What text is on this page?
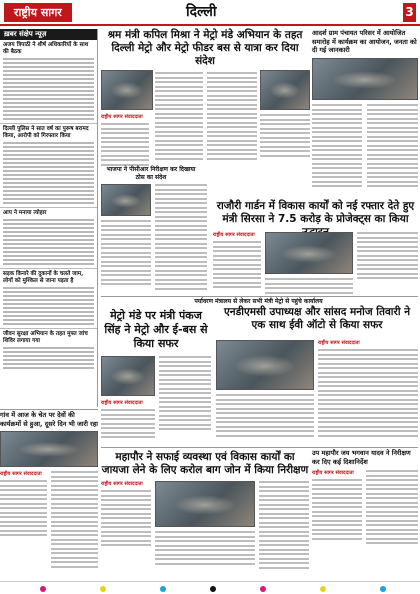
राष्ट्रीय सागर	दिल्ली	3
ख़बर संक्षेप न्यूज़
अजय त्रिपाठी ने शीर्ष अधिकारियों के साथ की बैठक
दिल्ली पुलिस ने सात वर्ष का पुरूष बरामद किया, आरोपी को गिरफ्तार किया
आप ने मनाया त्योहार
सड़क किनारे की दुकानों के चलते जाम, लोगों को मुश्किल से जाना पड़ता है
जीवन सुरक्षा अभियान के तहत मुफ्त जांच शिविर लगाया गया
श्रम मंत्री कपिल मिश्रा ने मेट्रो मंडे अभियान के तहत दिल्ली मेट्रो और मेट्रो फीडर बस से यात्रा कर दिया संदेश
राष्ट्रीय सागर संवाददाता
आदर्श ग्राम पंचायत परिसर में आयोजित समारोह में कार्यक्रम का आयोजन, जनता को दी गई जानकारी
भाजपा ने पीसीआर निरीक्षण कर दिखाया ठोस का संदेश
राजौरी गार्डन में विकास कार्यों को नई रफ्तार देते हुए मंत्री सिरसा ने 7.5 करोड़ के प्रोजेक्ट्स का किया
राष्ट्रीय सागर संवाददाता
पर्यावरण मंत्रालय से लेकर सभी मंत्री मेट्रो से पहुंचे कार्यालय
मेट्रो मंडे पर मंत्री पंकज सिंह ने मेट्रो और ई-बस से किया सफर
राष्ट्रीय सागर संवाददाता
एनडीएमसी उपाध्यक्ष और सांसद मनोज तिवारी ने एक साथ ईवी ऑटो से किया सफर
राष्ट्रीय सागर संवाददाता
गांव में आज के चेत पर देवों की कार्यक्रमों से हुआ, दूसरे दिन भी जारी रहा
राष्ट्रीय सागर संवाददाता
महापौर ने सफाई व्यवस्था एवं विकास कार्यों का जायजा लेने के लिए करोल बाग जोन में किया निरीक्षण
राष्ट्रीय सागर संवाददाता
उप महापौर जय भगवान यादव ने निरीक्षण कर दिए कई दिशानिर्देश
राष्ट्रीय सागर संवाददाता
